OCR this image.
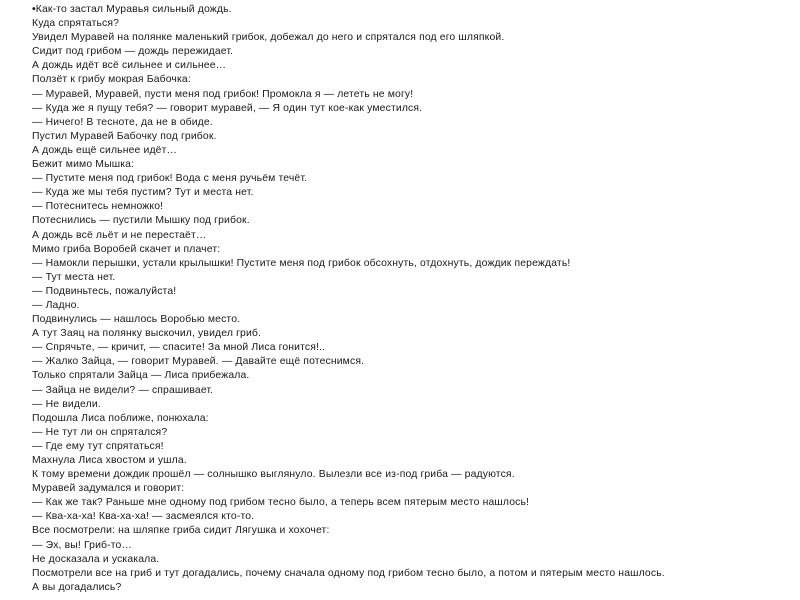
•Как-то застал Муравья сильный дождь.
Куда спрятаться?
Увидел Муравей на полянке маленький грибок, добежал до него и спрятался под его шляпкой.
Сидит под грибом — дождь пережидает.
А дождь идёт всё сильнее и сильнее…
Ползёт к грибу мокрая Бабочка:
— Муравей, Муравей, пусти меня под грибок! Промокла я — лететь не могу!
— Куда же я пущу тебя? — говорит муравей, — Я один тут кое-как уместился.
— Ничего! В тесноте, да не в обиде.
Пустил Муравей Бабочку под грибок.
А дождь ещё сильнее идёт…
Бежит мимо Мышка:
— Пустите меня под грибок! Вода с меня ручьём течёт.
— Куда же мы тебя пустим? Тут и места нет.
— Потеснитесь немножко!
Потеснились — пустили Мышку под грибок.
А дождь всё льёт и не перестаёт…
Мимо гриба Воробей скачет и плачет:
— Намокли перышки, устали крылышки! Пустите меня под грибок обсохнуть, отдохнуть, дождик переждать!
— Тут места нет.
— Подвиньтесь, пожалуйста!
— Ладно.
Подвинулись — нашлось Воробью место.
А тут Заяц на полянку выскочил, увидел гриб.
— Спрячьте, — кричит, — спасите! За мной Лиса гонится!..
— Жалко Зайца, — говорит Муравей. — Давайте ещё потеснимся.
Только спрятали Зайца — Лиса прибежала.
— Зайца не видели? — спрашивает.
— Не видели.
Подошла Лиса поближе, понюхала:
— Не тут ли он спрятался?
— Где ему тут спрятаться!
Махнула Лиса хвостом и ушла.
К тому времени дождик прошёл — солнышко выглянуло. Вылезли все из-под гриба — радуются.
Муравей задумался и говорит:
— Как же так? Раньше мне одному под грибом тесно было, а теперь всем пятерым место нашлось!
— Ква-ха-ха! Ква-ха-ха! — засмеялся кто-то.
Все посмотрели: на шляпке гриба сидит Лягушка и хохочет:
— Эх, вы! Гриб-то…
Не досказала и ускакала.
Посмотрели все на гриб и тут догадались, почему сначала одному под грибом тесно было, а потом и пятерым место нашлось.
А вы догадались?
